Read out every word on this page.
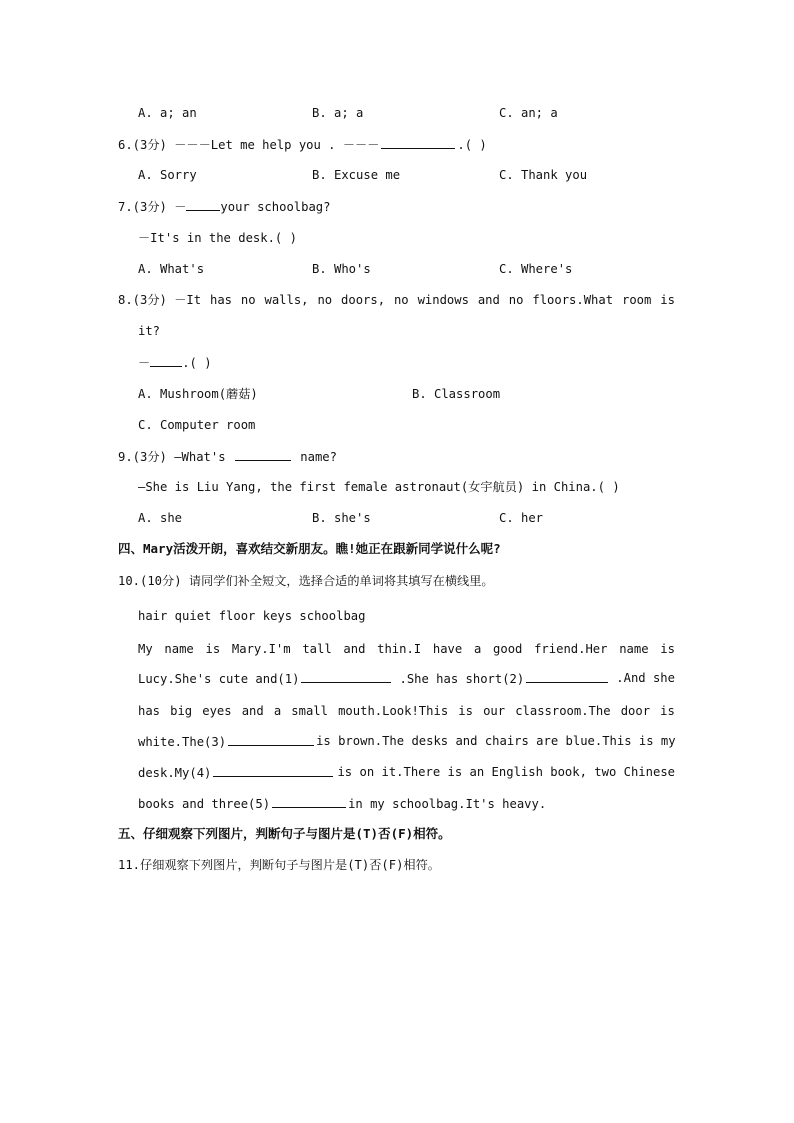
A. a; an	B. a; a	C. an; a
6.(3分) －－－Let me help you . －－－	.( )
A. Sorry	B. Excuse me	C. Thank you
7.(3分) －	your schoolbag?
－It's in the desk.( )
A. What's	B. Who's	C. Where's
8.(3分) －It has no walls, no doors, no windows and no floors.What room is
it?
－	.( )
A. Mushroom(蘑菇)	B. Classroom
C. Computer room
9.(3分) –What's	name?
–She is Liu Yang, the first female astronaut(女宇航员) in China.( )
A. she	B. she's	C. her
四、Mary活泼开朗，喜欢结交新朋友。瞧!她正在跟新同学说什么呢?
10.(10分) 请同学们补全短文，选择合适的单词将其填写在横线里。
hair quiet floor keys schoolbag
My name is Mary.I'm tall and thin.I have a good friend.Her name is
Lucy.She's cute and(1)	.She has short(2)	.And she
has big eyes and a small mouth.Look!This is our classroom.The door is
white.The(3)	is brown.The desks and chairs are blue.This is my
desk.My(4)	is on it.There is an English book, two Chinese
books and three(5)	in my schoolbag.It's heavy.
五、仔细观察下列图片，判断句子与图片是(T)否(F)相符。
11.仔细观察下列图片，判断句子与图片是(T)否(F)相符。
